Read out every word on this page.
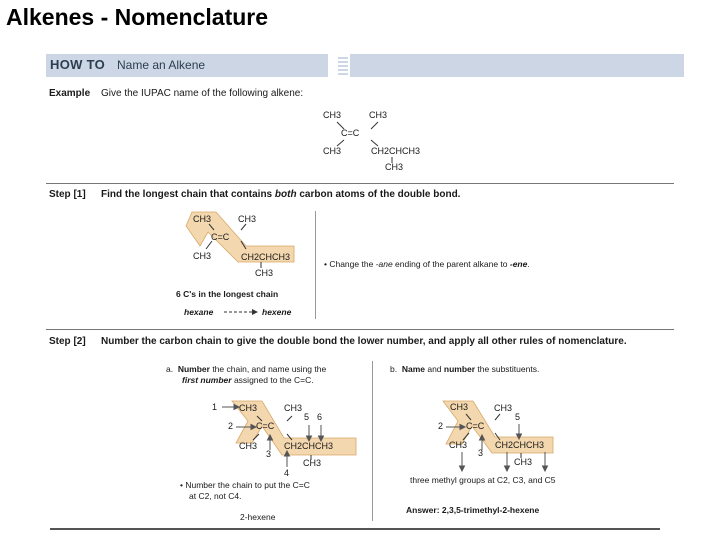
Alkenes - Nomenclature
HOW TO Name an Alkene
Example Give the IUPAC name of the following alkene:
CH3	CH3
C=C
CH3	CH2CHCH3
CH3
Step [1] Find the longest chain that contains both carbon atoms of the double bond.
CH3	CH3
C=C
CH3	CH2CHCH3
CH3
6 C's in the longest chain
hexane	hexene
• Change the -ane ending of the parent alkane to -ene.
Step [2] Number the carbon chain to give the double bond the lower number, and apply all other rules of nomenclature.
a. Number the chain, and name using the
first number assigned to the C=C.
b. Name and number the substituents.
1
2
3
4
5 6
CH3	CH3
C=C
CH3	CH2CHCH3
CH3
• Number the chain to put the C=C
at C2, not C4.
2-hexene
2
3
5
CH3	CH3
C=C
CH3	CH2CHCH3
CH3
three methyl groups at C2, C3, and C5
Answer: 2,3,5-trimethyl-2-hexene
